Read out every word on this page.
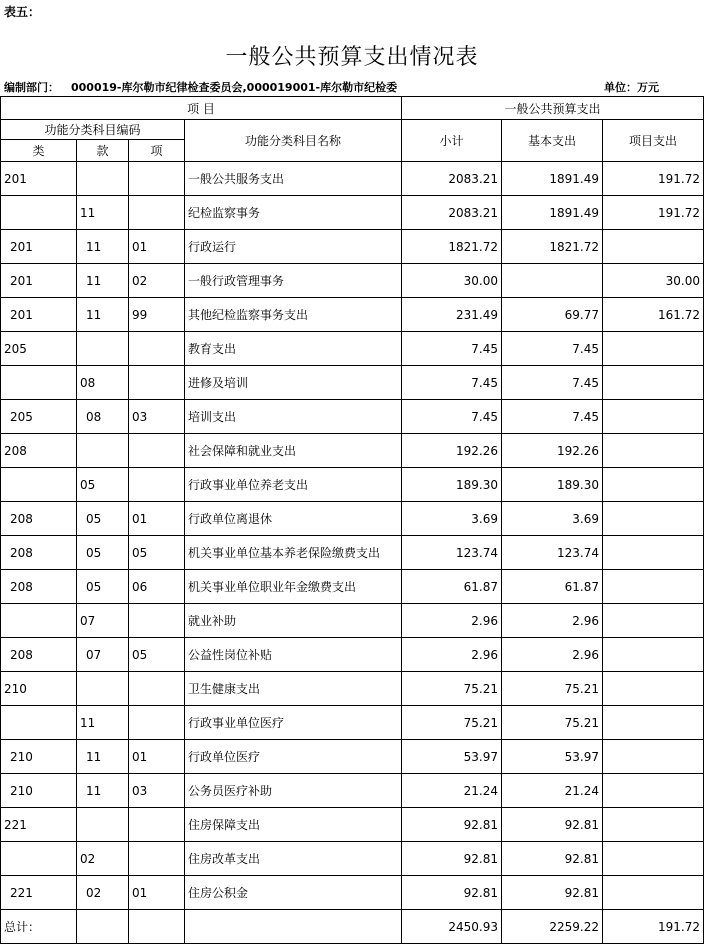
表五：
一般公共预算支出情况表
编制部门： 000019-库尔勒市纪律检查委员会,000019001-库尔勒市纪检委	单位：万元
项 目				一般公共预算支出		
功能分类科目编码			功能分类科目名称	小计	基本支出	项目支出
类	款	项				
201			一般公共服务支出	2083.21	1891.49	191.72
	11		纪检监察事务	2083.21	1891.49	191.72
201	11	01	行政运行	1821.72	1821.72	
201	11	02	一般行政管理事务	30.00		30.00
201	11	99	其他纪检监察事务支出	231.49	69.77	161.72
205			教育支出	7.45	7.45	
	08		进修及培训	7.45	7.45	
205	08	03	培训支出	7.45	7.45	
208			社会保障和就业支出	192.26	192.26	
	05		行政事业单位养老支出	189.30	189.30	
208	05	01	行政单位离退休	3.69	3.69	
208	05	05	机关事业单位基本养老保险缴费支出	123.74	123.74	
208	05	06	机关事业单位职业年金缴费支出	61.87	61.87	
	07		就业补助	2.96	2.96	
208	07	05	公益性岗位补贴	2.96	2.96	
210			卫生健康支出	75.21	75.21	
	11		行政事业单位医疗	75.21	75.21	
210	11	01	行政单位医疗	53.97	53.97	
210	11	03	公务员医疗补助	21.24	21.24	
221			住房保障支出	92.81	92.81	
	02		住房改革支出	92.81	92.81	
221	02	01	住房公积金	92.81	92.81	
总计：				2450.93	2259.22	191.72
